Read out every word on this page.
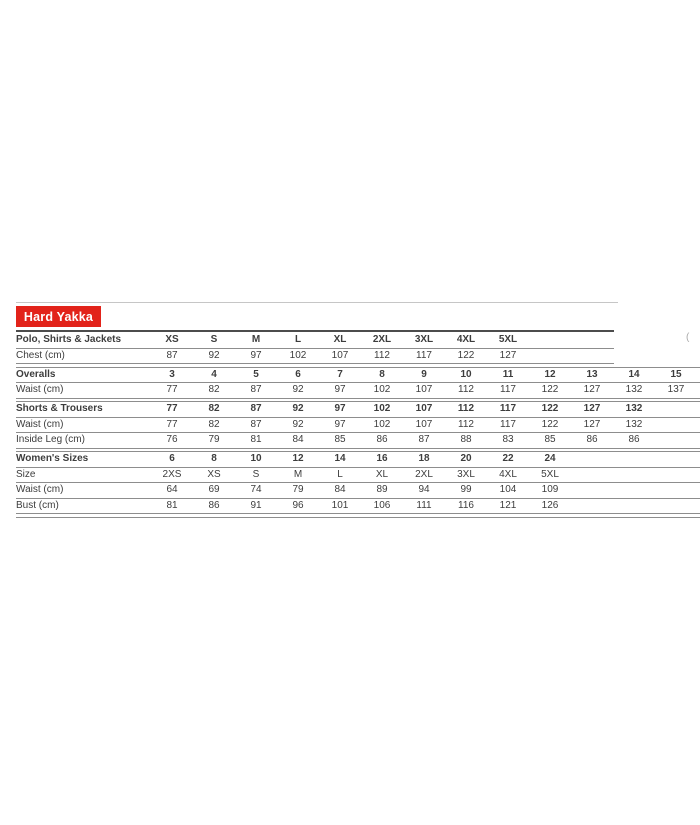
Hard Yakka
Polo, Shirts & Jackets	XS	S	M	L	XL	2XL	3XL	4XL	5XL
Chest (cm)	87	92	97	102	107	112	117	122	127
Overalls	3	4	5	6	7	8	9	10	11	12	13	14	15
Waist (cm)	77	82	87	92	97	102	107	112	117	122	127	132	137
Shorts & Trousers	77	82	87	92	97	102	107	112	117	122	127	132
Waist (cm)	77	82	87	92	97	102	107	112	117	122	127	132
Inside Leg (cm)	76	79	81	84	85	86	87	88	83	85	86	86
Women's Sizes	6	8	10	12	14	16	18	20	22	24
Size	2XS	XS	S	M	L	XL	2XL	3XL	4XL	5XL
Waist (cm)	64	69	74	79	84	89	94	99	104	109
Bust (cm)	81	86	91	96	101	106	111	116	121	126
(
